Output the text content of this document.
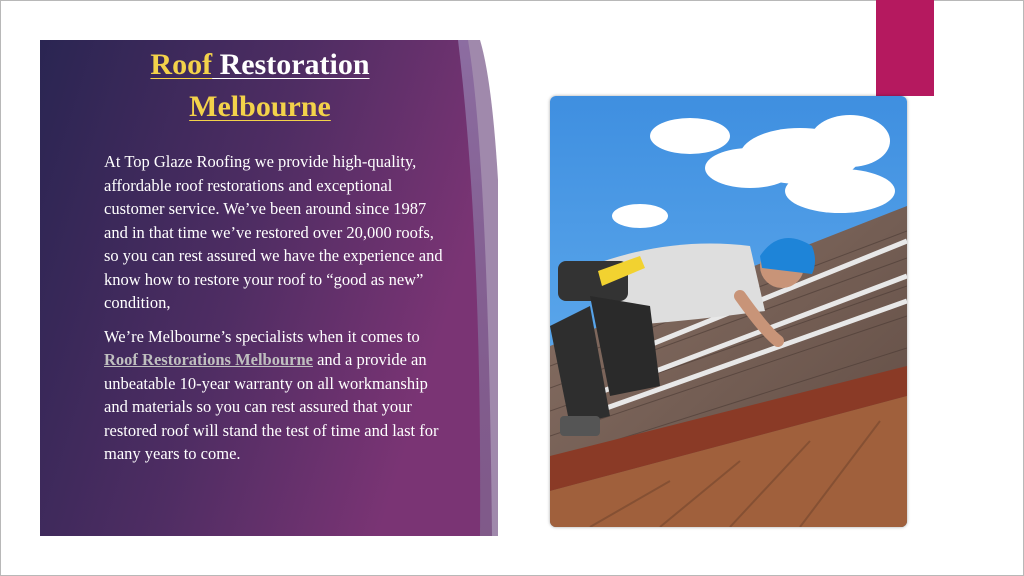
Roof Restoration
Melbourne

At Top Glaze Roofing we provide high-quality, affordable roof restorations and exceptional customer service. We’ve been around since 1987 and in that time we’ve restored over 20,000 roofs, so you can rest assured we have the experience and know how to restore your roof to “good as new” condition,

We’re Melbourne’s specialists when it comes to Roof Restorations Melbourne and a provide an unbeatable 10-year warranty on all workmanship and materials so you can rest assured that your restored roof will stand the test of time and last for many years to come.
